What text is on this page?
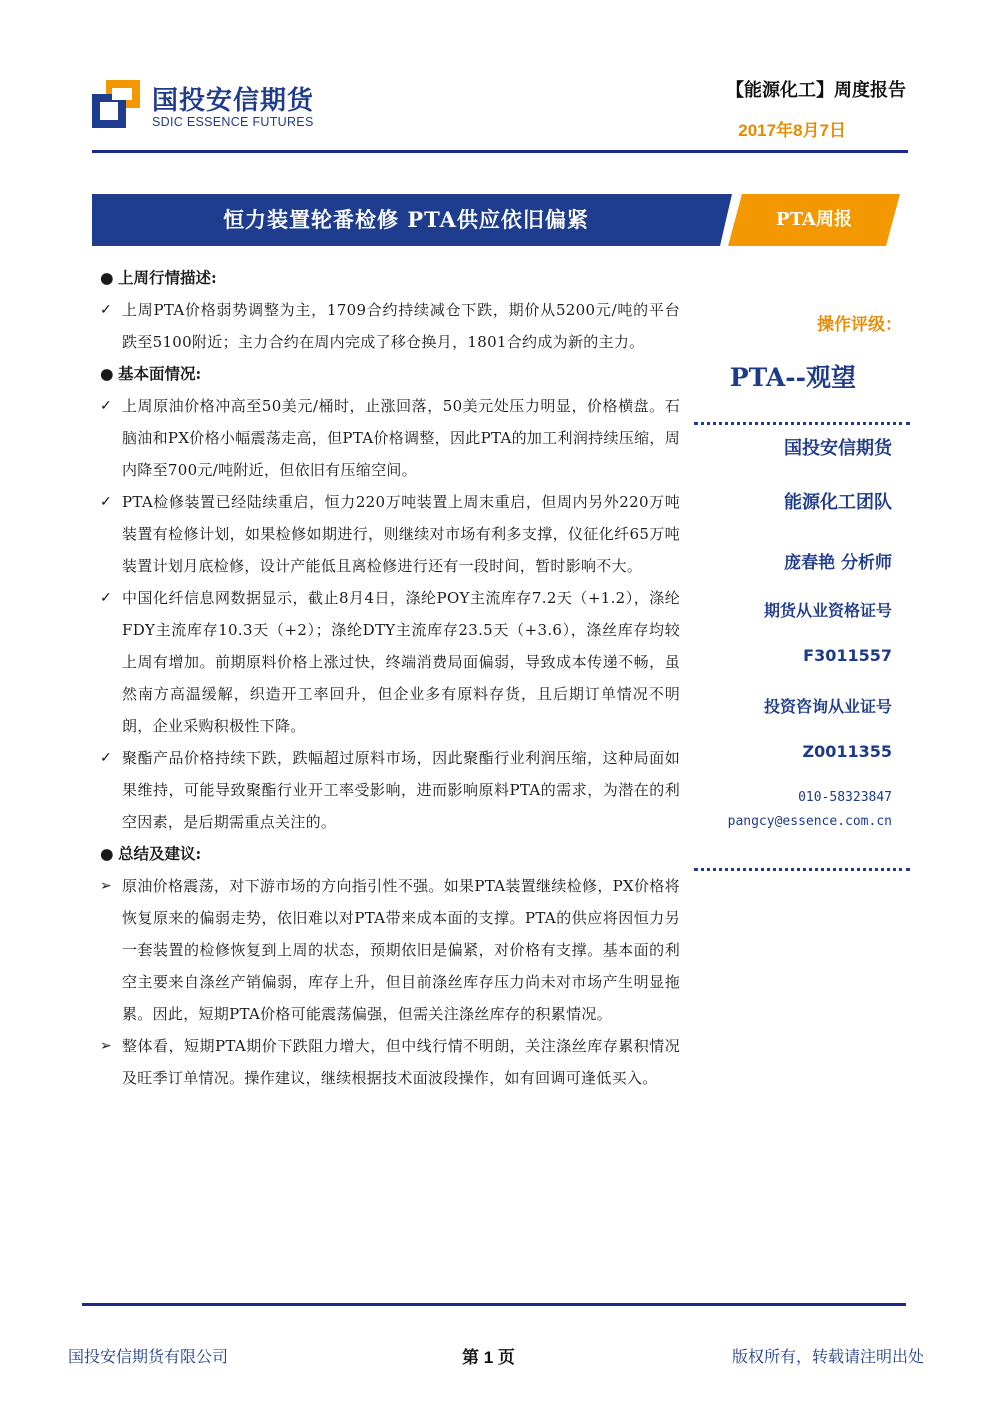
国投安信期货
SDIC ESSENCE FUTURES
【能源化工】周度报告
2017年8月7日
恒力装置轮番检修 PTA供应依旧偏紧	PTA周报
● 上周行情描述:
✓ 上周PTA价格弱势调整为主，1709合约持续减仓下跌，期价从5200元/吨的平台跌至5100附近；主力合约在周内完成了移仓换月，1801合约成为新的主力。
● 基本面情况:
✓ 上周原油价格冲高至50美元/桶时，止涨回落，50美元处压力明显，价格横盘。石脑油和PX价格小幅震荡走高，但PTA价格调整，因此PTA的加工利润持续压缩，周内降至700元/吨附近，但依旧有压缩空间。
✓ PTA检修装置已经陆续重启，恒力220万吨装置上周末重启，但周内另外220万吨装置有检修计划，如果检修如期进行，则继续对市场有利多支撑，仪征化纤65万吨装置计划月底检修，设计产能低且离检修进行还有一段时间，暂时影响不大。
✓ 中国化纤信息网数据显示，截止8月4日，涤纶POY主流库存7.2天（+1.2），涤纶FDY主流库存10.3天（+2）；涤纶DTY主流库存23.5天（+3.6），涤丝库存均较上周有增加。前期原料价格上涨过快，终端消费局面偏弱，导致成本传递不畅，虽然南方高温缓解，织造开工率回升，但企业多有原料存货，且后期订单情况不明朗，企业采购积极性下降。
✓ 聚酯产品价格持续下跌，跌幅超过原料市场，因此聚酯行业利润压缩，这种局面如果维持，可能导致聚酯行业开工率受影响，进而影响原料PTA的需求，为潜在的利空因素，是后期需重点关注的。
● 总结及建议:
➢ 原油价格震荡，对下游市场的方向指引性不强。如果PTA装置继续检修，PX价格将恢复原来的偏弱走势，依旧难以对PTA带来成本面的支撑。PTA的供应将因恒力另一套装置的检修恢复到上周的状态，预期依旧是偏紧，对价格有支撑。基本面的利空主要来自涤丝产销偏弱，库存上升，但目前涤丝库存压力尚未对市场产生明显拖累。因此，短期PTA价格可能震荡偏强，但需关注涤丝库存的积累情况。
➢ 整体看，短期PTA期价下跌阻力增大，但中线行情不明朗，关注涤丝库存累积情况及旺季订单情况。操作建议，继续根据技术面波段操作，如有回调可逢低买入。
操作评级：
PTA--观望
国投安信期货
能源化工团队
庞春艳 分析师
期货从业资格证号
F3011557
投资咨询从业证号
Z0011355
010-58323847
pangcy@essence.com.cn
国投安信期货有限公司	第 1 页	版权所有，转载请注明出处
